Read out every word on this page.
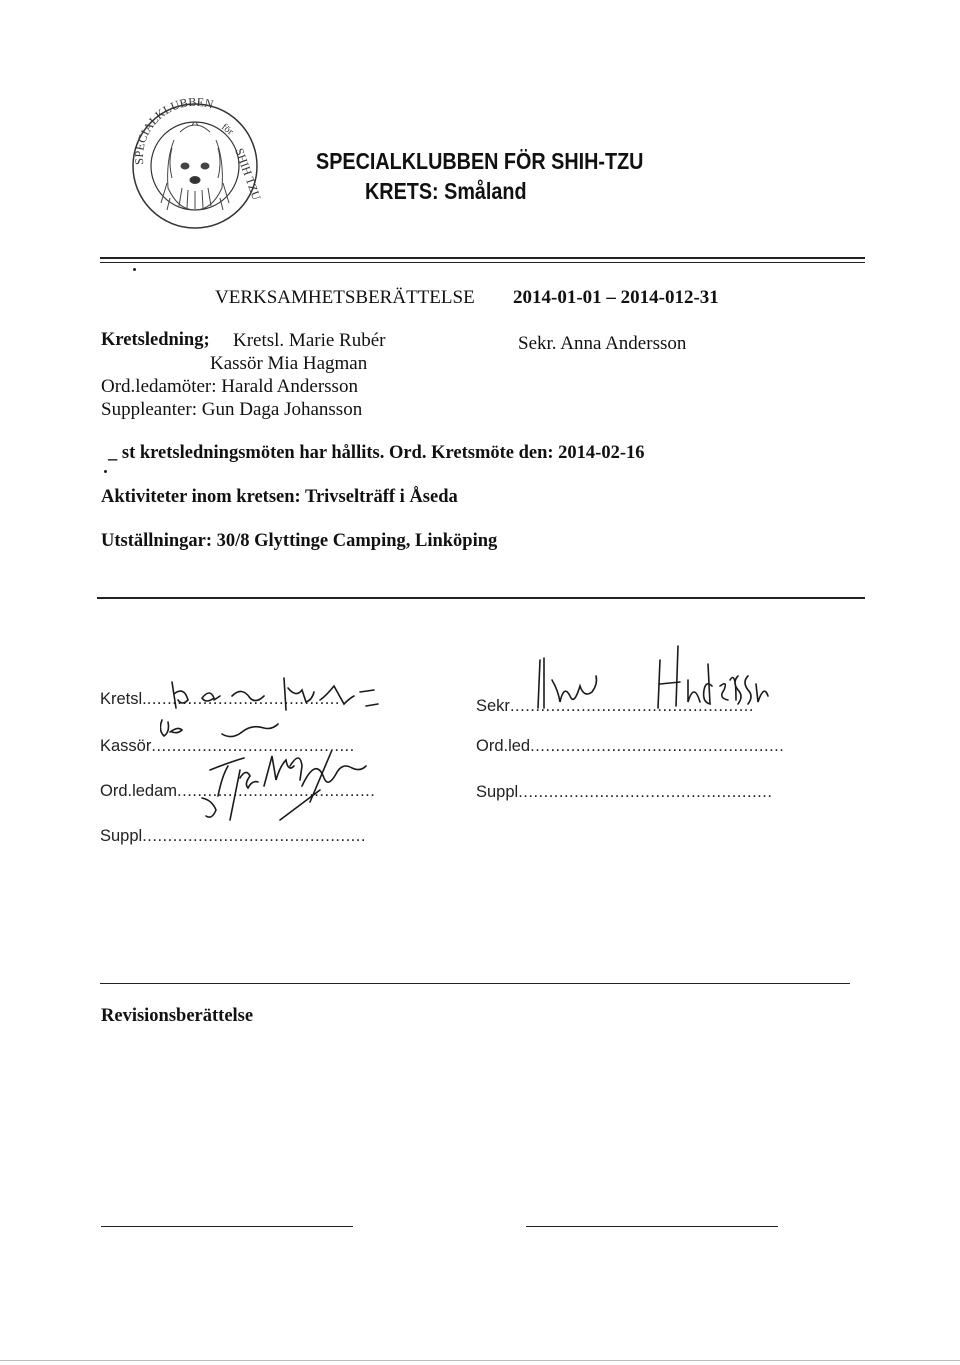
SPECIALKLUBBEN
för
SHIH TZU SPECIALKLUBBEN FÖR SHIH-TZU
KRETS: Småland
VERKSAMHETSBERÄTTELSE 2014-01-01 – 2014-012-31
Kretsledning; Kretsl. Marie Rubér
Kassör Mia Hagman
Ord.ledamöter: Harald Andersson
Suppleanter: Gun Daga Johansson
Sekr. Anna Andersson
_ st kretsledningsmöten har hållits. Ord. Kretsmöte den: 2014-02-16
Aktiviteter inom kretsen: Trivselträff i Åseda
Utställningar: 30/8 Glyttinge Camping, Linköping
Kretsl.......................................
Kassör................................... ....
Ord.ledam.......................................
Suppl............................................
Sekr................................................
Ord.led..................................................
Suppl..................................................
Revisionsberättelse
